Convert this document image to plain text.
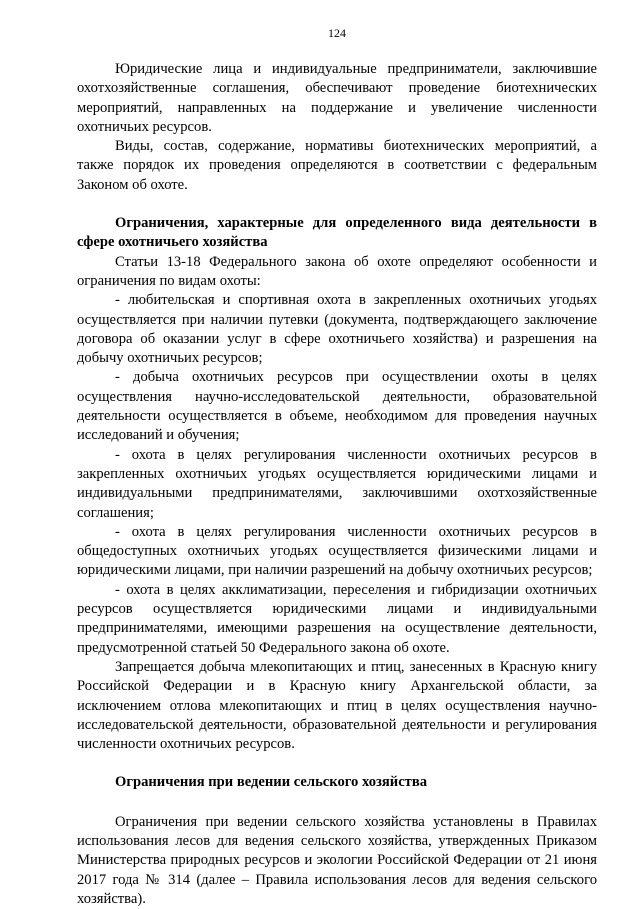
124

Юридические лица и индивидуальные предприниматели, заключившие охотхозяйственные соглашения, обеспечивают проведение биотехнических мероприятий, направленных на поддержание и увеличение численности охотничьих ресурсов.

Виды, состав, содержание, нормативы биотехнических мероприятий, а также порядок их проведения определяются в соответствии с федеральным Законом об охоте.

Ограничения, характерные для определенного вида деятельности в сфере охотничьего хозяйства

Статьи 13-18 Федерального закона об охоте определяют особенности и ограничения по видам охоты:

- любительская и спортивная охота в закрепленных охотничьих угодьях осуществляется при наличии путевки (документа, подтверждающего заключение договора об оказании услуг в сфере охотничьего хозяйства) и разрешения на добычу охотничьих ресурсов;

- добыча охотничьих ресурсов при осуществлении охоты в целях осуществления научно-исследовательской деятельности, образовательной деятельности осуществляется в объеме, необходимом для проведения научных исследований и обучения;

- охота в целях регулирования численности охотничьих ресурсов в закрепленных охотничьих угодьях осуществляется юридическими лицами и индивидуальными предпринимателями, заключившими охотхозяйственные соглашения;

- охота в целях регулирования численности охотничьих ресурсов в общедоступных охотничьих угодьях осуществляется физическими лицами и юридическими лицами, при наличии разрешений на добычу охотничьих ресурсов;

- охота в целях акклиматизации, переселения и гибридизации охотничьих ресурсов осуществляется юридическими лицами и индивидуальными предпринимателями, имеющими разрешения на осуществление деятельности, предусмотренной статьей 50 Федерального закона об охоте.

Запрещается добыча млекопитающих и птиц, занесенных в Красную книгу Российской Федерации и в Красную книгу Архангельской области, за исключением отлова млекопитающих и птиц в целях осуществления научно-исследовательской деятельности, образовательной деятельности и регулирования численности охотничьих ресурсов.

Ограничения при ведении сельского хозяйства

Ограничения при ведении сельского хозяйства установлены в Правилах использования лесов для ведения сельского хозяйства, утвержденных Приказом Министерства природных ресурсов и экологии Российской Федерации от 21 июня 2017 года № 314 (далее – Правила использования лесов для ведения сельского хозяйства).
